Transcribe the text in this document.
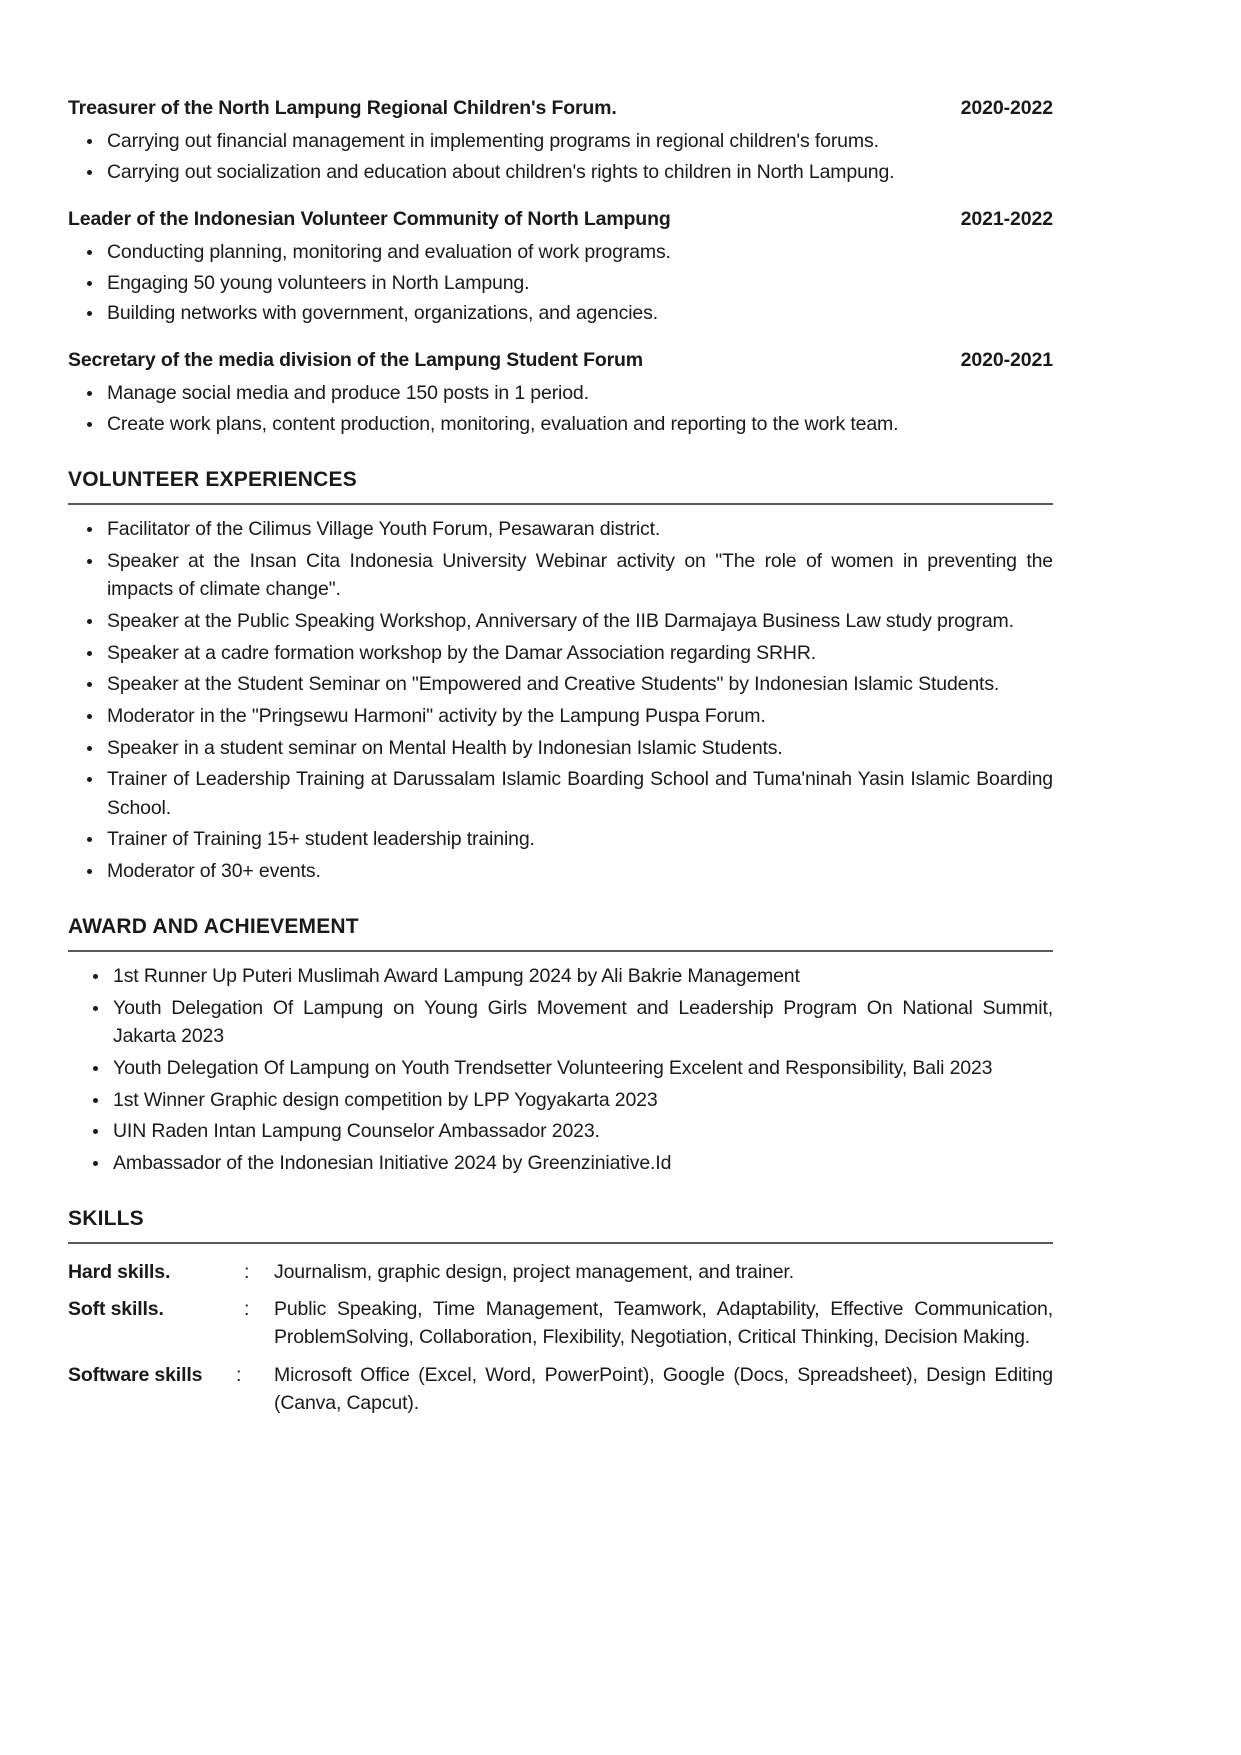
Treasurer of the North Lampung Regional Children's Forum.	2020-2022
Carrying out financial management in implementing programs in regional children's forums.
Carrying out socialization and education about children's rights to children in North Lampung.
Leader of the Indonesian Volunteer Community of North Lampung	2021-2022
Conducting planning, monitoring and evaluation of work programs.
Engaging 50 young volunteers in North Lampung.
Building networks with government, organizations, and agencies.
Secretary of the media division of the Lampung Student Forum	2020-2021
Manage social media and produce 150 posts in 1 period.
Create work plans, content production, monitoring, evaluation and reporting to the work team.
VOLUNTEER EXPERIENCES
Facilitator of the Cilimus Village Youth Forum, Pesawaran district.
Speaker at the Insan Cita Indonesia University Webinar activity on "The role of women in preventing the impacts of climate change".
Speaker at the Public Speaking Workshop, Anniversary of the IIB Darmajaya Business Law study program.
Speaker at a cadre formation workshop by the Damar Association regarding SRHR.
Speaker at the Student Seminar on "Empowered and Creative Students" by Indonesian Islamic Students.
Moderator in the "Pringsewu Harmoni" activity by the Lampung Puspa Forum.
Speaker in a student seminar on Mental Health by Indonesian Islamic Students.
Trainer of Leadership Training at Darussalam Islamic Boarding School and Tuma'ninah Yasin Islamic Boarding School.
Trainer of Training 15+ student leadership training.
Moderator of 30+ events.
AWARD AND ACHIEVEMENT
1st Runner Up Puteri Muslimah Award Lampung 2024 by Ali Bakrie Management
Youth Delegation Of Lampung on Young Girls Movement and Leadership Program On National Summit, Jakarta 2023
Youth Delegation Of Lampung on Youth Trendsetter Volunteering Excelent and Responsibility, Bali 2023
1st Winner Graphic design competition by LPP Yogyakarta 2023
UIN Raden Intan Lampung Counselor Ambassador 2023.
Ambassador of the Indonesian Initiative 2024 by Greenziniative.Id
SKILLS
Hard skills.	:	Journalism, graphic design, project management, and trainer.
Soft skills.	:	Public Speaking, Time Management, Teamwork, Adaptability, Effective Communication, ProblemSolving, Collaboration, Flexibility, Negotiation, Critical Thinking, Decision Making.
Software skills	:	Microsoft Office (Excel, Word, PowerPoint), Google (Docs, Spreadsheet), Design Editing (Canva, Capcut).
